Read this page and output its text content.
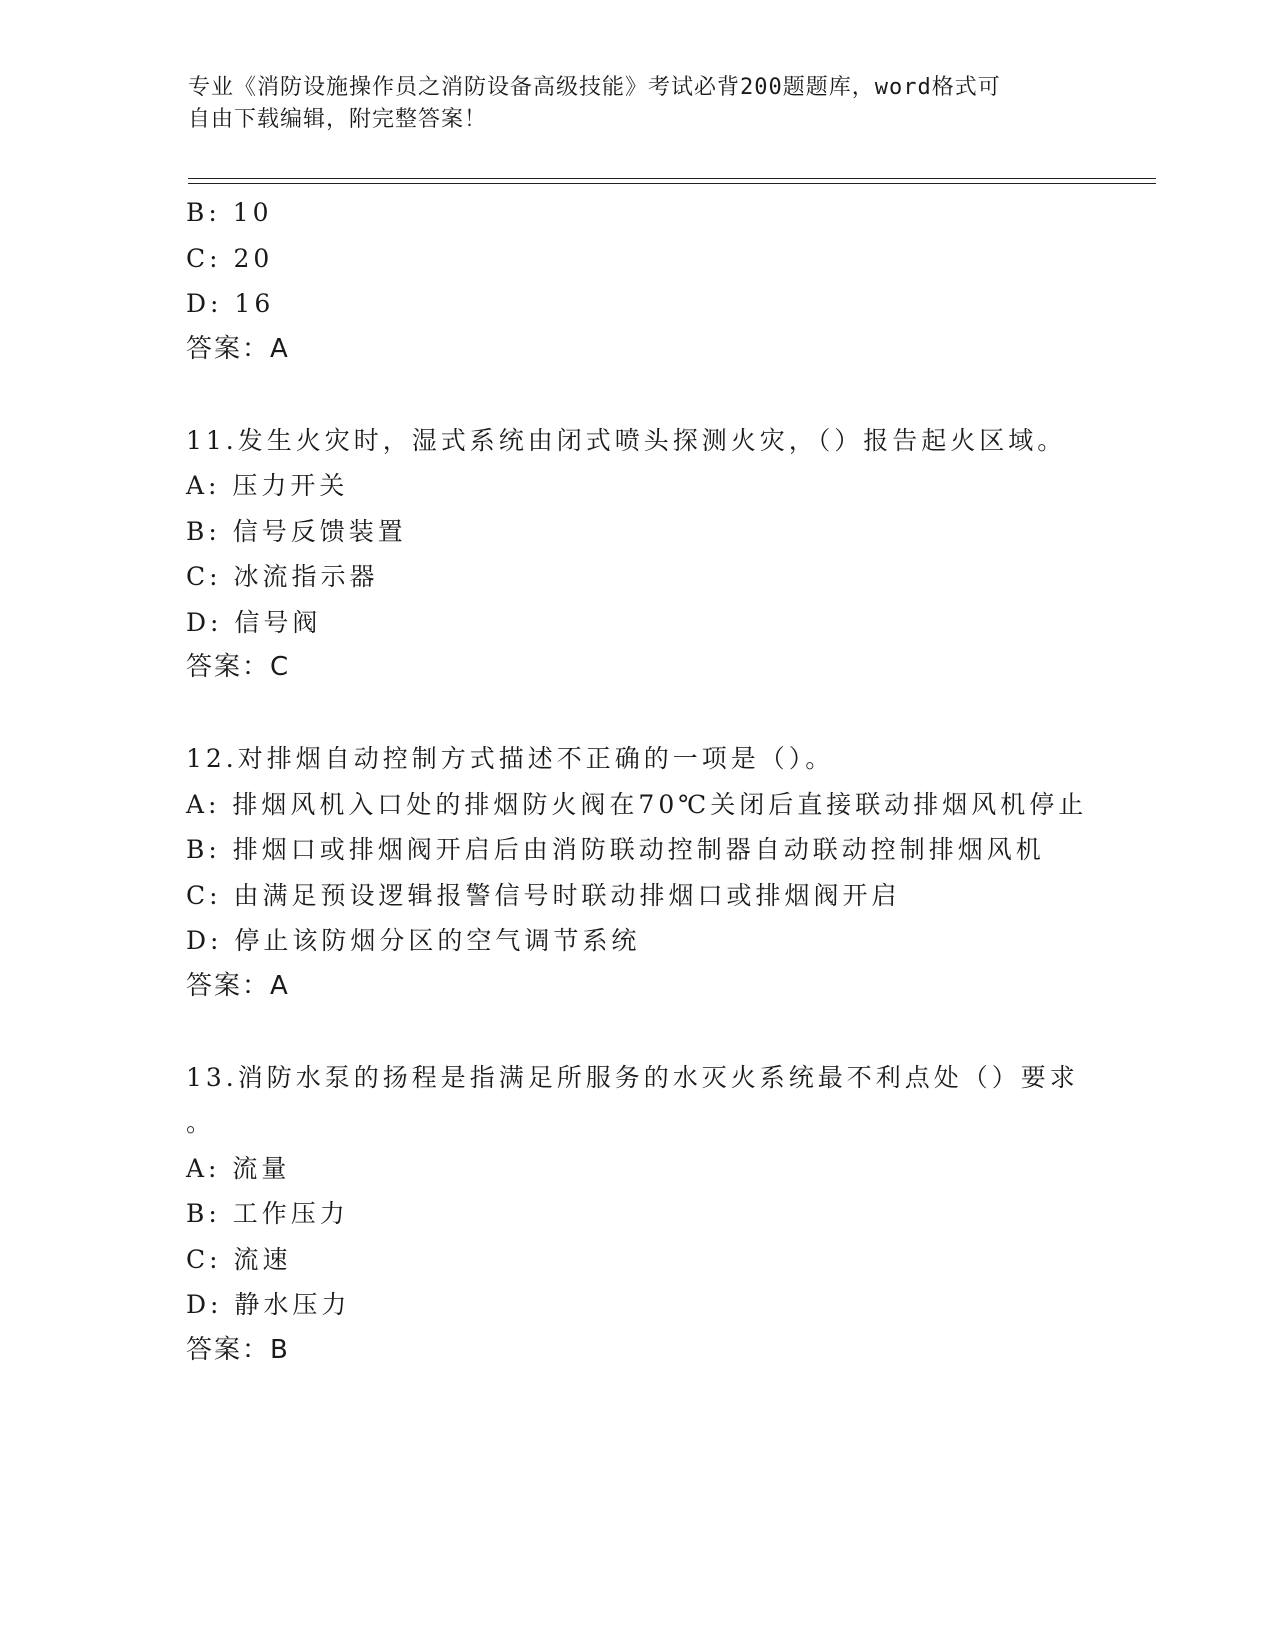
专业《消防设施操作员之消防设备高级技能》考试必背200题题库，word格式可
自由下载编辑，附完整答案！
B: 10
C: 20
D: 16
答案：A
11.发生火灾时，湿式系统由闭式喷头探测火灾，（）报告起火区域。
A: 压力开关
B: 信号反馈装置
C: 冰流指示器
D: 信号阀
答案：C
12.对排烟自动控制方式描述不正确的一项是（）。
A: 排烟风机入口处的排烟防火阀在70℃关闭后直接联动排烟风机停止
B: 排烟口或排烟阀开启后由消防联动控制器自动联动控制排烟风机
C: 由满足预设逻辑报警信号时联动排烟口或排烟阀开启
D: 停止该防烟分区的空气调节系统
答案：A
13.消防水泵的扬程是指满足所服务的水灭火系统最不利点处（）要求
。
A: 流量
B: 工作压力
C: 流速
D: 静水压力
答案：B
